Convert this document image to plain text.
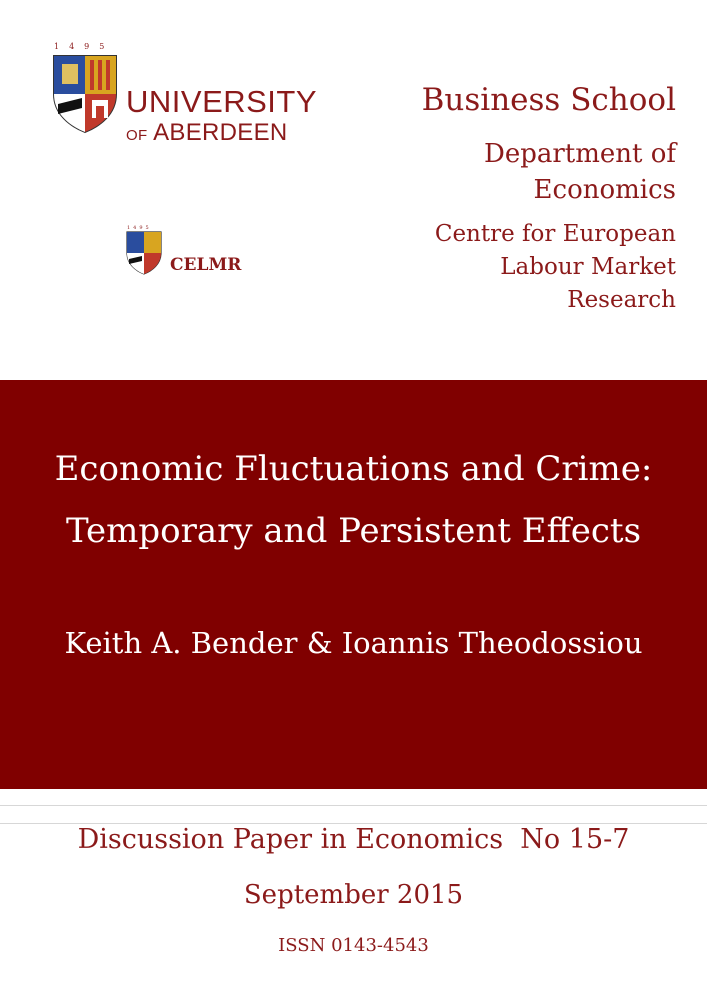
1495
UNIVERSITY
OF ABERDEEN
1495
CELMR
Business School
Department of
Economics
Centre for European
Labour Market
Research
Economic Fluctuations and Crime:
Temporary and Persistent Effects
Keith A. Bender & Ioannis Theodossiou
Discussion Paper in Economics  No 15-7
September 2015
ISSN 0143-4543
